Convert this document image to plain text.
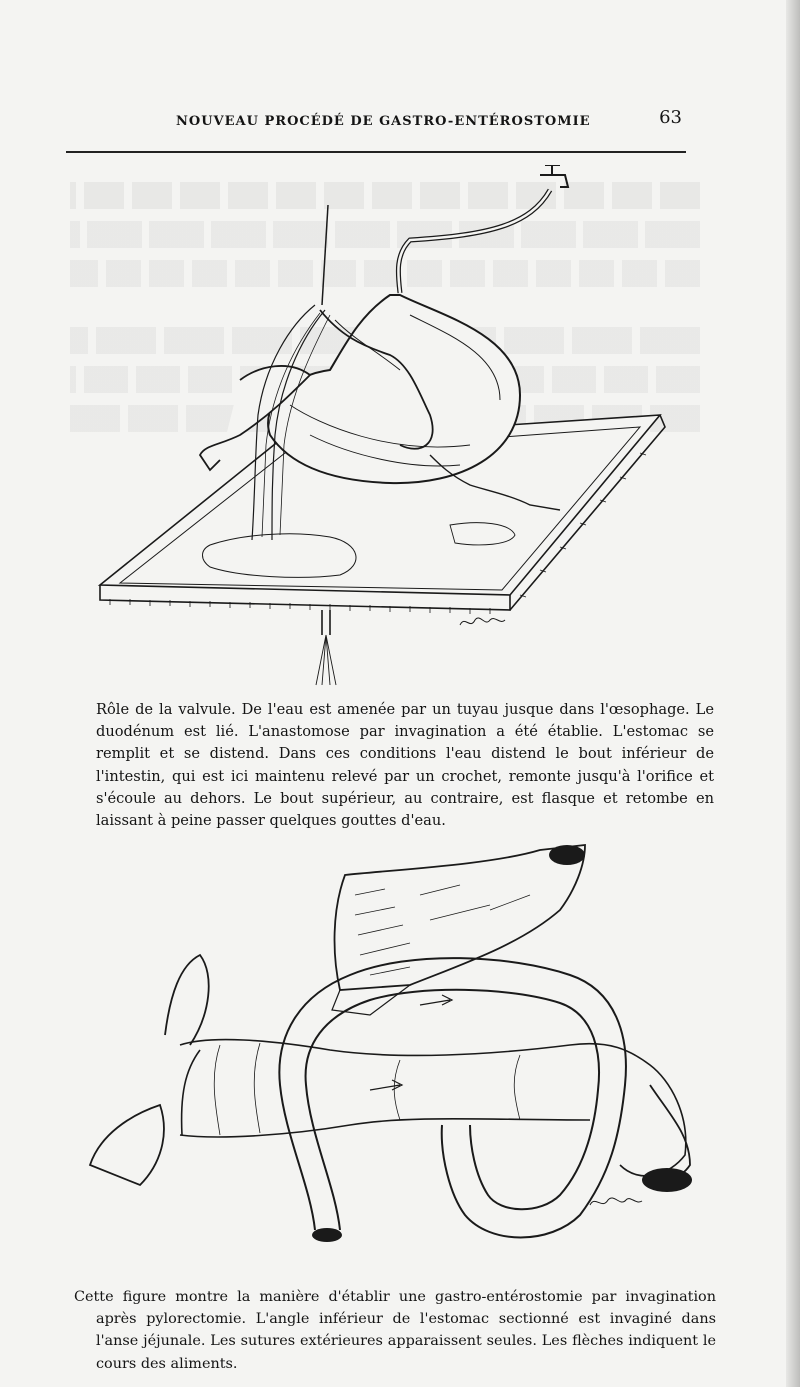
NOUVEAU PROCÉDÉ DE GASTRO-ENTÉROSTOMIE	63
Rôle de la valvule. De l'eau est amenée par un tuyau jusque dans l'œsophage. Le duodénum est lié. L'anastomose par invagination a été établie. L'estomac se remplit et se distend. Dans ces conditions l'eau distend le bout inférieur de l'intestin, qui est ici maintenu relevé par un crochet, remonte jusqu'à l'orifice et s'écoule au dehors. Le bout supérieur, au contraire, est flasque et retombe en laissant à peine passer quelques gouttes d'eau.
Cette figure montre la manière d'établir une gastro-entérostomie par invagination après pylorectomie. L'angle inférieur de l'estomac sectionné est invaginé dans l'anse jéjunale. Les sutures extérieures apparaissent seules. Les flèches indiquent le cours des aliments.
